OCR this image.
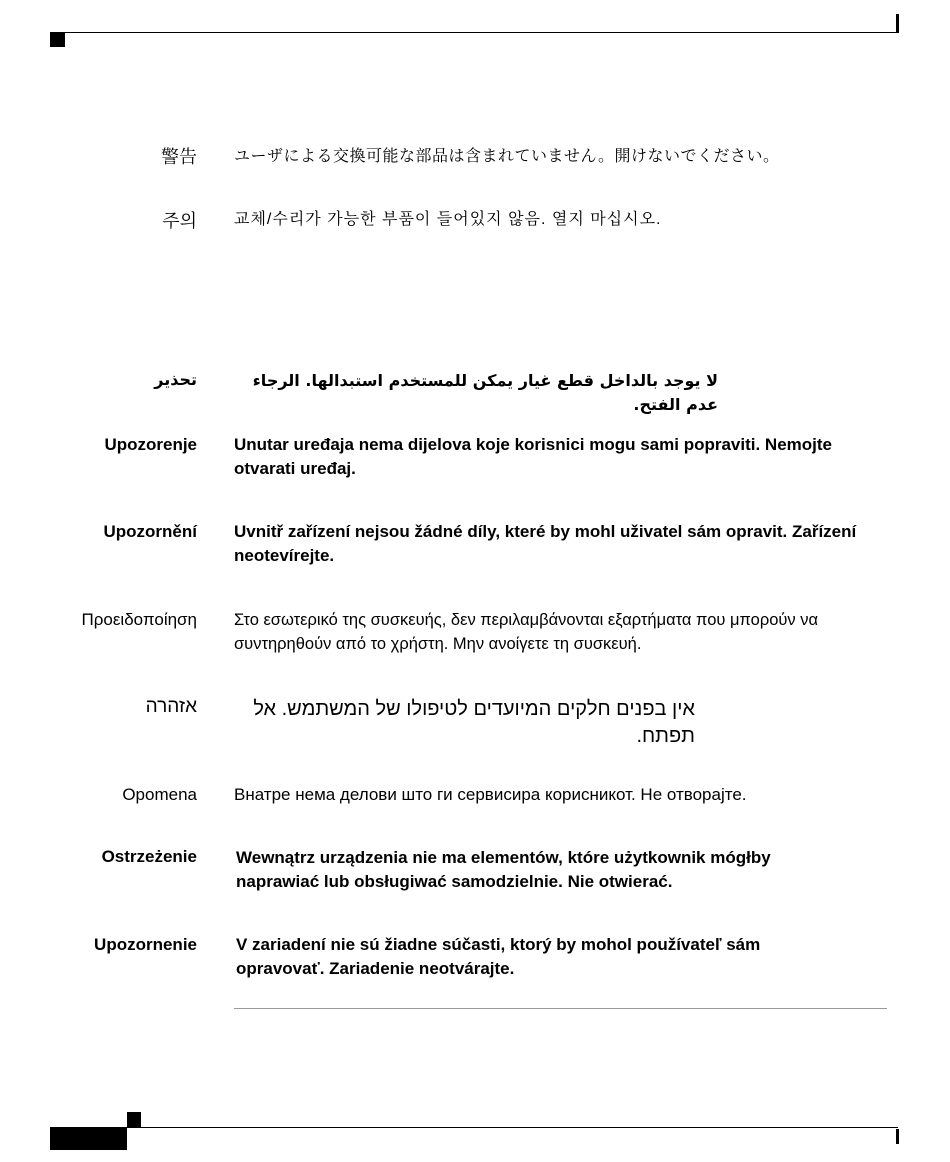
警告 ユーザによる交換可能な部品は含まれていません。開けないでください。
주의 교체/수리가 가능한 부품이 들어있지 않음. 열지 마십시오.
تحذير	لا يوجد بالداخل قطع غيار يمكن للمستخدم استبدالها. الرجاء عدم الفتح.
Upozorenje Unutar uređaja nema dijelova koje korisnici mogu sami popraviti. Nemojte otvarati uređaj.
Upozornění Uvnitř zařízení nejsou žádné díly, které by mohl uživatel sám opravit. Zařízení neotevírejte.
Προειδοποίηση Στο εσωτερικό της συσκευής, δεν περιλαμβάνονται εξαρτήματα που μπορούν να συντηρηθούν από το χρήστη. Μην ανοίγετε τη συσκευή.
אזהרה	אין בפנים חלקים המיועדים לטיפולו של המשתמש. אל תפתח.
Opomena Внатре нема делови што ги сервисира корисникот. Не отворајте.
Ostrzeżenie Wewnątrz urządzenia nie ma elementów, które użytkownik mógłby naprawiać lub obsługiwać samodzielnie. Nie otwierać.
Upozornenie V zariadení nie sú žiadne súčasti, ktorý by mohol používateľ sám opravovať. Zariadenie neotvárajte.
